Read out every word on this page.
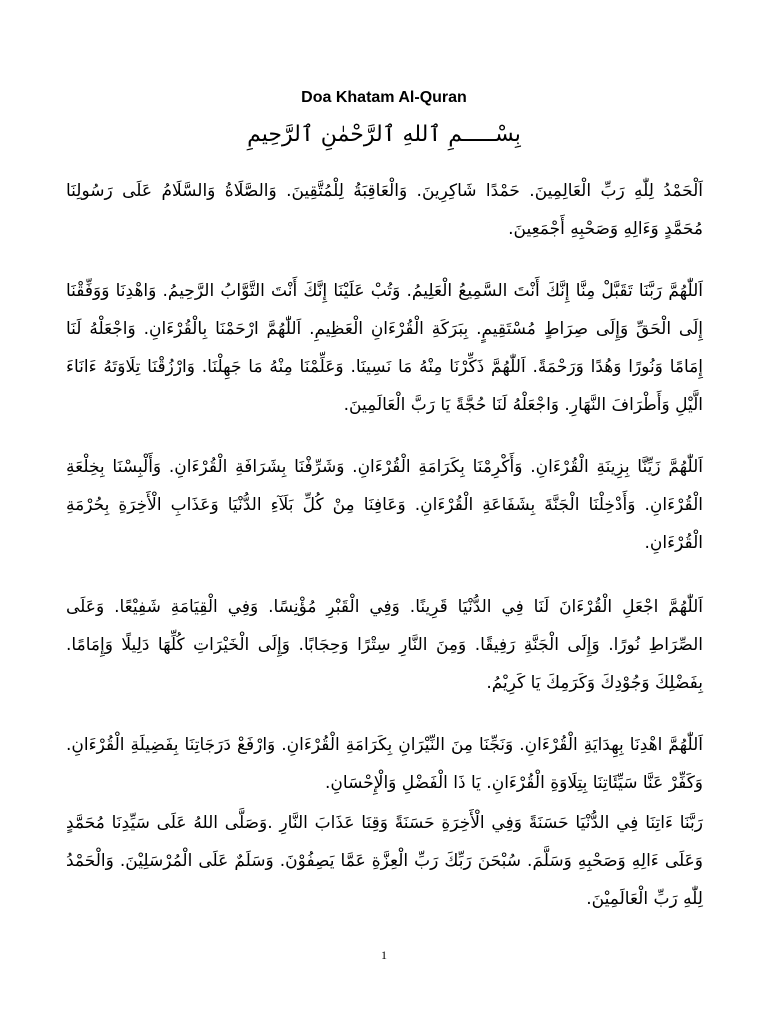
Doa Khatam Al-Quran
بِسْـــــمِ ٱللهِ ٱلرَّحْمٰنِ ٱلرَّحِيمِ

اَلْحَمْدُ لِلّٰهِ رَبِّ الْعَالِمِينَ. حَمْدًا شَاكِرِينَ. وَالْعَاقِبَةُ لِلْمُتَّقِينَ. وَالصَّلَاةُ وَالسَّلَامُ عَلَى رَسُولِنَا مُحَمَّدٍ وَءَالِهِ وَصَحْبِهِ أَجْمَعِينَ.

اَللّٰهُمَّ رَبَّنَا تَقَبَّلْ مِنَّا إِنَّكَ أَنْتَ السَّمِيعُ الْعَلِيمُ. وَتُبْ عَلَيْنَا إِنَّكَ أَنْتَ التَّوَّابُ الرَّحِيمُ. وَاهْدِنَا وَوَفِّقْنَا إِلَى الْحَقِّ وَإِلَى صِرَاطٍ مُسْتَقِيمٍ. بِبَرَكَةِ الْقُرْءَانِ الْعَظِيمِ. اَللّٰهُمَّ ارْحَمْنَا بِالْقُرْءَانِ. وَاجْعَلْهُ لَنَا إِمَامًا وَنُورًا وَهُدًا وَرَحْمَةً. اَللّٰهُمَّ ذَكِّرْنَا مِنْهُ مَا نَسِينَا. وَعَلِّمْنَا مِنْهُ مَا جَهِلْنَا. وَارْزُقْنَا تِلَاوَتَهُ ءَانَاءَ الَّيْلِ وَأَطْرَافَ النَّهَارِ. وَاجْعَلْهُ لَنَا حُجَّةً يَا رَبَّ الْعَالَمِينَ.

اَللّٰهُمَّ زَيِّنَّا بِزِينَةِ الْقُرْءَانِ. وَأَكْرِمْنَا بِكَرَامَةِ الْقُرْءَانِ. وَشَرِّفْنَا بِشَرَافَةِ الْقُرْءَانِ. وَأَلْبِسْنَا بِخِلْعَةِ الْقُرْءَانِ. وَأَدْخِلْنَا الْجَنَّةَ بِشَفَاعَةِ الْقُرْءَانِ. وَعَافِنَا مِنْ كُلِّ بَلَآءِ الدُّنْيَا وَعَذَابِ الْأَخِرَةِ بِحُرْمَةِ الْقُرْءَانِ.

اَللّٰهُمَّ اجْعَلِ الْقُرْءَانَ لَنَا فِي الدُّنْيَا قَرِينًا. وَفِي الْقَبْرِ مُؤْنِسًا. وَفِي الْقِيَامَةِ شَفِيْعًا. وَعَلَى الصِّرَاطِ نُورًا. وَإِلَى الْجَنَّةِ رَفِيقًا. وَمِنَ النَّارِ سِتْرًا وَحِجَابًا. وَإِلَى الْخَيْرَاتِ كُلِّهَا دَلِيلًا وَإِمَامًا. بِفَضْلِكَ وَجُوْدِكَ وَكَرَمِكَ يَا كَرِيْمُ.

اَللّٰهُمَّ اهْدِنَا بِهِدَايَةِ الْقُرْءَانِ. وَنَجِّنَا مِنَ النِّيْرَانِ بِكَرَامَةِ الْقُرْءَانِ. وَارْفَعْ دَرَجَاتِنَا بِفَضِيلَةِ الْقُرْءَانِ. وَكَفِّرْ عَنَّا سَيِّئَاتِنَا بِتِلَاوَةِ الْقُرْءَانِ. يَا ذَا الْفَضْلِ وَالْإِحْسَانِ.

رَبَّنَا ءَاتِنَا فِي الدُّنْيَا حَسَنَةً وَفِي الْأَخِرَةِ حَسَنَةً وَقِنَا عَذَابَ النَّارِ .وَصَلَّى اللهُ عَلَى سَيِّدِنَا مُحَمَّدٍ وَعَلَى ءَالِهِ وَصَحْبِهِ وَسَلَّمَ. سُبْحَنَ رَبِّكَ رَبِّ الْعِزَّةِ عَمَّا يَصِفُوْنَ. وَسَلَمٌ عَلَى الْمُرْسَلِيْنَ. وَالْحَمْدُ لِلّٰهِ رَبِّ الْعَالَمِيْنَ.

1
